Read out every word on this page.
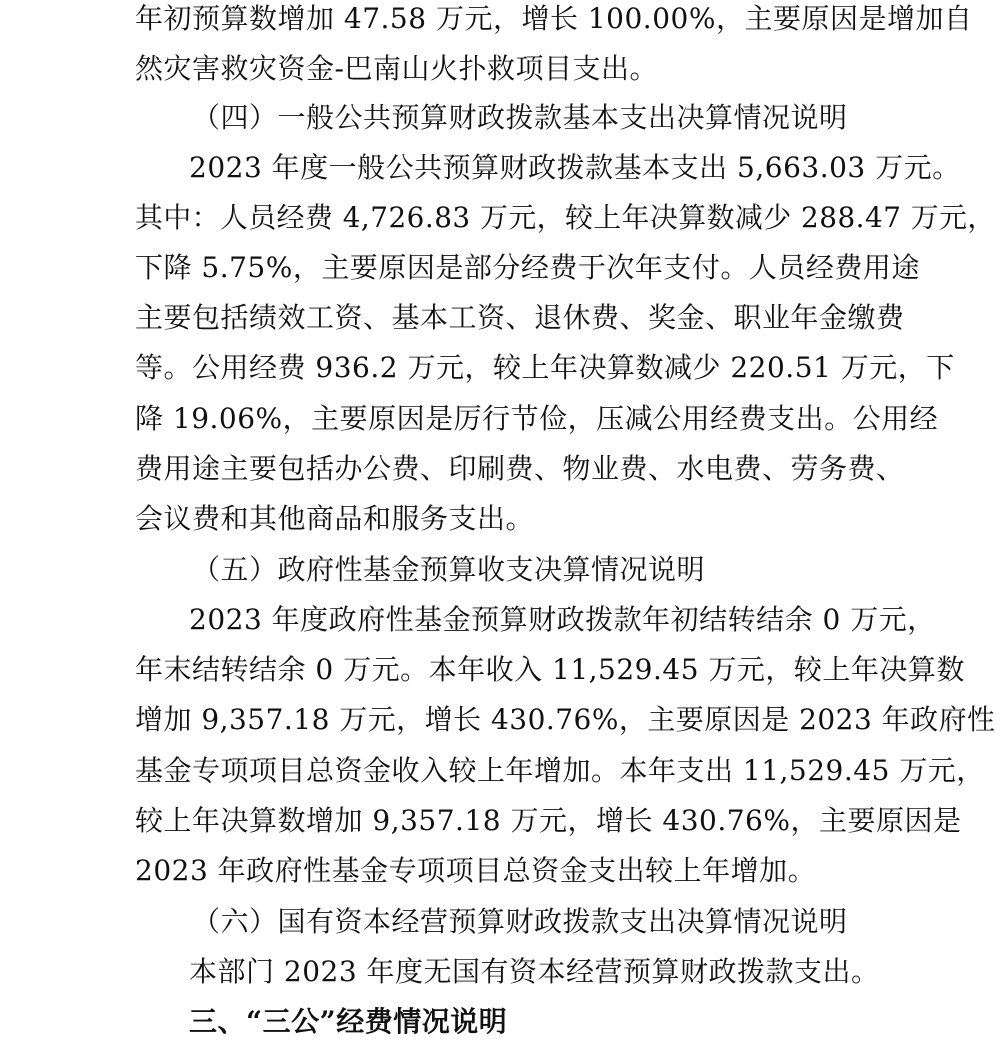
年初预算数增加 47.58 万元，增长 100.00%，主要原因是增加自
然灾害救灾资金-巴南山火扑救项目支出。
（四）一般公共预算财政拨款基本支出决算情况说明
2023 年度一般公共预算财政拨款基本支出 5,663.03 万元。
其中：人员经费 4,726.83 万元，较上年决算数减少 288.47 万元，
下降 5.75%，主要原因是部分经费于次年支付。人员经费用途
主要包括绩效工资、基本工资、退休费、奖金、职业年金缴费
等。公用经费 936.2 万元，较上年决算数减少 220.51 万元，下
降 19.06%，主要原因是厉行节俭，压减公用经费支出。公用经
费用途主要包括办公费、印刷费、物业费、水电费、劳务费、
会议费和其他商品和服务支出。
（五）政府性基金预算收支决算情况说明
2023 年度政府性基金预算财政拨款年初结转结余 0 万元，
年末结转结余 0 万元。本年收入 11,529.45 万元，较上年决算数
增加 9,357.18 万元，增长 430.76%，主要原因是 2023 年政府性
基金专项项目总资金收入较上年增加。本年支出 11,529.45 万元，
较上年决算数增加 9,357.18 万元，增长 430.76%，主要原因是
2023 年政府性基金专项项目总资金支出较上年增加。
（六）国有资本经营预算财政拨款支出决算情况说明
本部门 2023 年度无国有资本经营预算财政拨款支出。
三、“三公”经费情况说明
